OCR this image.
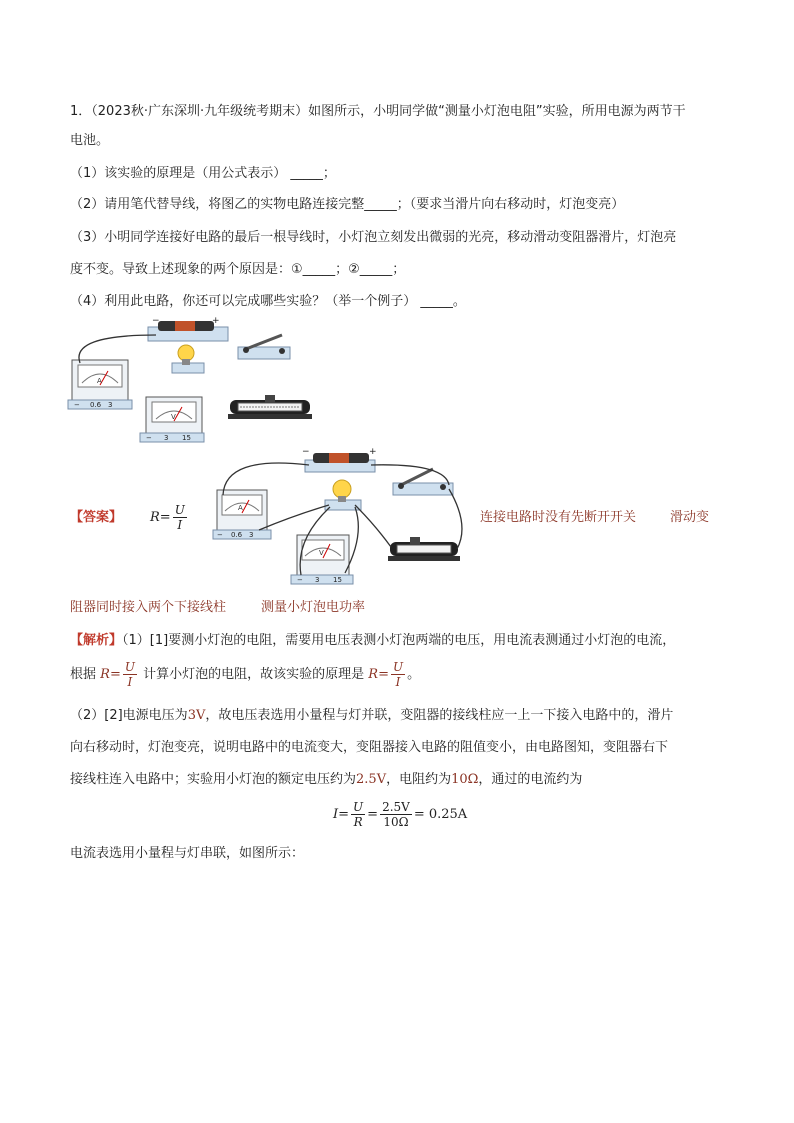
1．（2023秋·广东深圳·九年级统考期末）如图所示，小明同学做“测量小灯泡电阻”实验，所用电源为两节干
电池。
（1）该实验的原理是（用公式表示） _____；
（2）请用笔代替导线，将图乙的实物电路连接完整_____；（要求当滑片向右移动时，灯泡变亮）
（3）小明同学连接好电路的最后一根导线时，小灯泡立刻发出微弱的光亮，移动滑动变阻器滑片，灯泡亮
度不变。导致上述现象的两个原因是：①_____；②_____；
（4）利用此电路，你还可以完成哪些实验？（举一个例子） _____。
−	+
A
− 0.6 3
V
− 3 15
−	+
A
− 0.6 3
V
− 3 15
【答案】 $R= \frac{U}{I}$	连接电路时没有先断开开关	滑动变
阻器同时接入两个下接线柱	测量小灯泡电功率
【解析】（1）[1]要测小灯泡的电阻，需要用电压表测小灯泡两端的电压，用电流表测通过小灯泡的电流，
根据 $R= \frac{U}{I}$ 计算小灯泡的电阻，故该实验的原理是 $R= \frac{U}{I}$ 。
（2）[2]电源电压为3V，故电压表选用小量程与灯并联，变阻器的接线柱应一上一下接入电路中的，滑片
向右移动时，灯泡变亮，说明电路中的电流变大，变阻器接入电路的阻值变小，由电路图知，变阻器右下
接线柱连入电路中；实验用小灯泡的额定电压约为2.5V，电阻约为10Ω，通过的电流约为
$I= \frac{U}{R} = \frac{2.5V}{10\Omega} = 0.25A$
电流表选用小量程与灯串联，如图所示：
